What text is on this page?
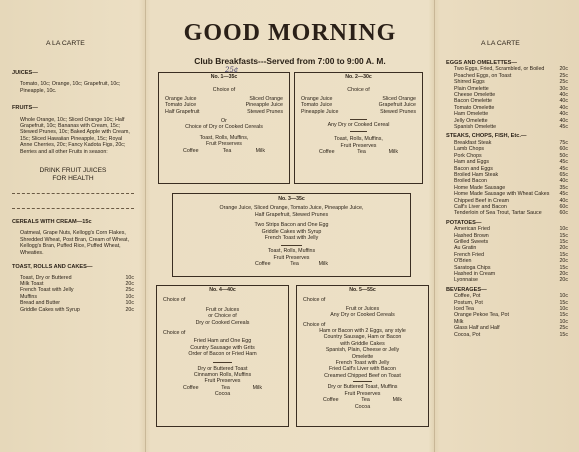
GOOD MORNING
Club Breakfasts---Served from 7:00 to 9:00 A. M.
A LA CARTE	A LA CARTE
JUICES—
Tomato, 10c; Orange, 10c; Grapefruit, 10c; Pineapple, 10c.
FRUITS—
Whole Orange, 10c; Sliced Orange 10c; Half Grapefruit, 10c; Bananas with Cream, 15c; Stewed Prunes, 10c; Baked Apple with Cream, 15c; Sliced Hawaiian Pineapple, 15c; Royal Anne Cherries, 20c; Fancy Kadota Figs, 20c; Berries and all other Fruits in season:
DRINK FRUIT JUICES
FOR HEALTH
CEREALS WITH CREAM—15c
Oatmeal, Grape Nuts, Kellogg's Corn Flakes, Shredded Wheat, Post Bran, Cream of Wheat, Kellogg's Bran, Puffed Rice, Puffed Wheat, Wheaties.
TOAST, ROLLS AND CAKES—
Toast, Dry or Buttered	10c
Milk Toast	20c
French Toast with Jelly	25c
Muffins	10c
Bread and Butter	10c
Griddle Cakes with Syrup	20c
No. 1—35c
25¢
Choice of
Orange Juice	Sliced Orange
Tomato Juice	Pineapple Juice
Half Grapefruit	Stewed Prunes
Or
Choice of Dry or Cooked Cereals
Toast, Rolls, Muffins,
Fruit Preserves
Coffee	Tea	Milk
No. 2—30c
Choice of
Orange Juice	Sliced Orange
Tomato Juice	Grapefruit Juice
Pineapple Juice	Stewed Prunes
Any Dry or Cooked Cereal
Toast, Rolls, Muffins,
Fruit Preserves
Coffee	Tea	Milk
No. 3—35c
Orange Juice, Sliced Orange, Tomato Juice, Pineapple Juice,
Half Grapefruit, Stewed Prunes
Two Strips Bacon and One Egg
Griddle Cakes with Syrup
French Toast with Jelly
Toast, Rolls, Muffins
Fruit Preserves
Coffee	Tea	Milk
No. 4—40c
Choice of
Fruit or Juices
or Choice of
Dry or Cooked Cereals
Choice of
Fried Ham and One Egg
Country Sausage with Grits
Order of Bacon or Fried Ham
Dry or Buttered Toast
Cinnamon Rolls, Muffins
Fruit Preserves
Coffee	Tea	Milk
Cocoa
No. 5—55c
Choice of
Fruit or Juices
Any Dry or Cooked Cereals
Choice of
Ham or Bacon with 2 Eggs, any style
Country Sausage, Ham or Bacon
with Griddle Cakes
Spanish, Plain, Cheese or Jelly
Omelette
French Toast with Jelly
Fried Calf's Liver with Bacon
Creamed Chipped Beef on Toast
Dry or Buttered Toast, Muffins
Fruit Preserves
Coffee	Tea	Milk
Cocoa
EGGS AND OMELETTES—
Two Eggs, Fried, Scrambled, or Boiled	20c
Poached Eggs, on Toast	25c
Shirred Eggs	25c
Plain Omelette	30c
Cheese Omelette	40c
Bacon Omelette	40c
Tomato Omelette	40c
Ham Omelette	40c
Jelly Omelette	40c
Spanish Omelette	45c
STEAKS, CHOPS, FISH, Etc.—
Breakfast Steak	75c
Lamb Chops	60c
Pork Chops	50c
Ham and Eggs	45c
Bacon and Eggs	45c
Broiled Ham Steak	65c
Broiled Bacon	40c
Home Made Sausage	35c
Home Made Sausage with Wheat Cakes 45c
Chipped Beef in Cream	40c
Calf's Liver and Bacon	60c
Tenderloin of Sea Trout, Tartar Sauce	60c
POTATOES—
American Fried	10c
Hashed Brown	15c
Grilled Sweets	15c
Au Gratin	20c
French Fried	15c
O'Brien	20c
Saratoga Chips	15c
Hashed in Cream	20c
Lyonnaise	20c
BEVERAGES—
Coffee, Pot	10c
Postum, Pot	15c
Iced Tea	10c
Orange Pekoe Tea, Pot	15c
Milk	10c
Glass Half and Half	25c
Cocoa, Pot	15c
